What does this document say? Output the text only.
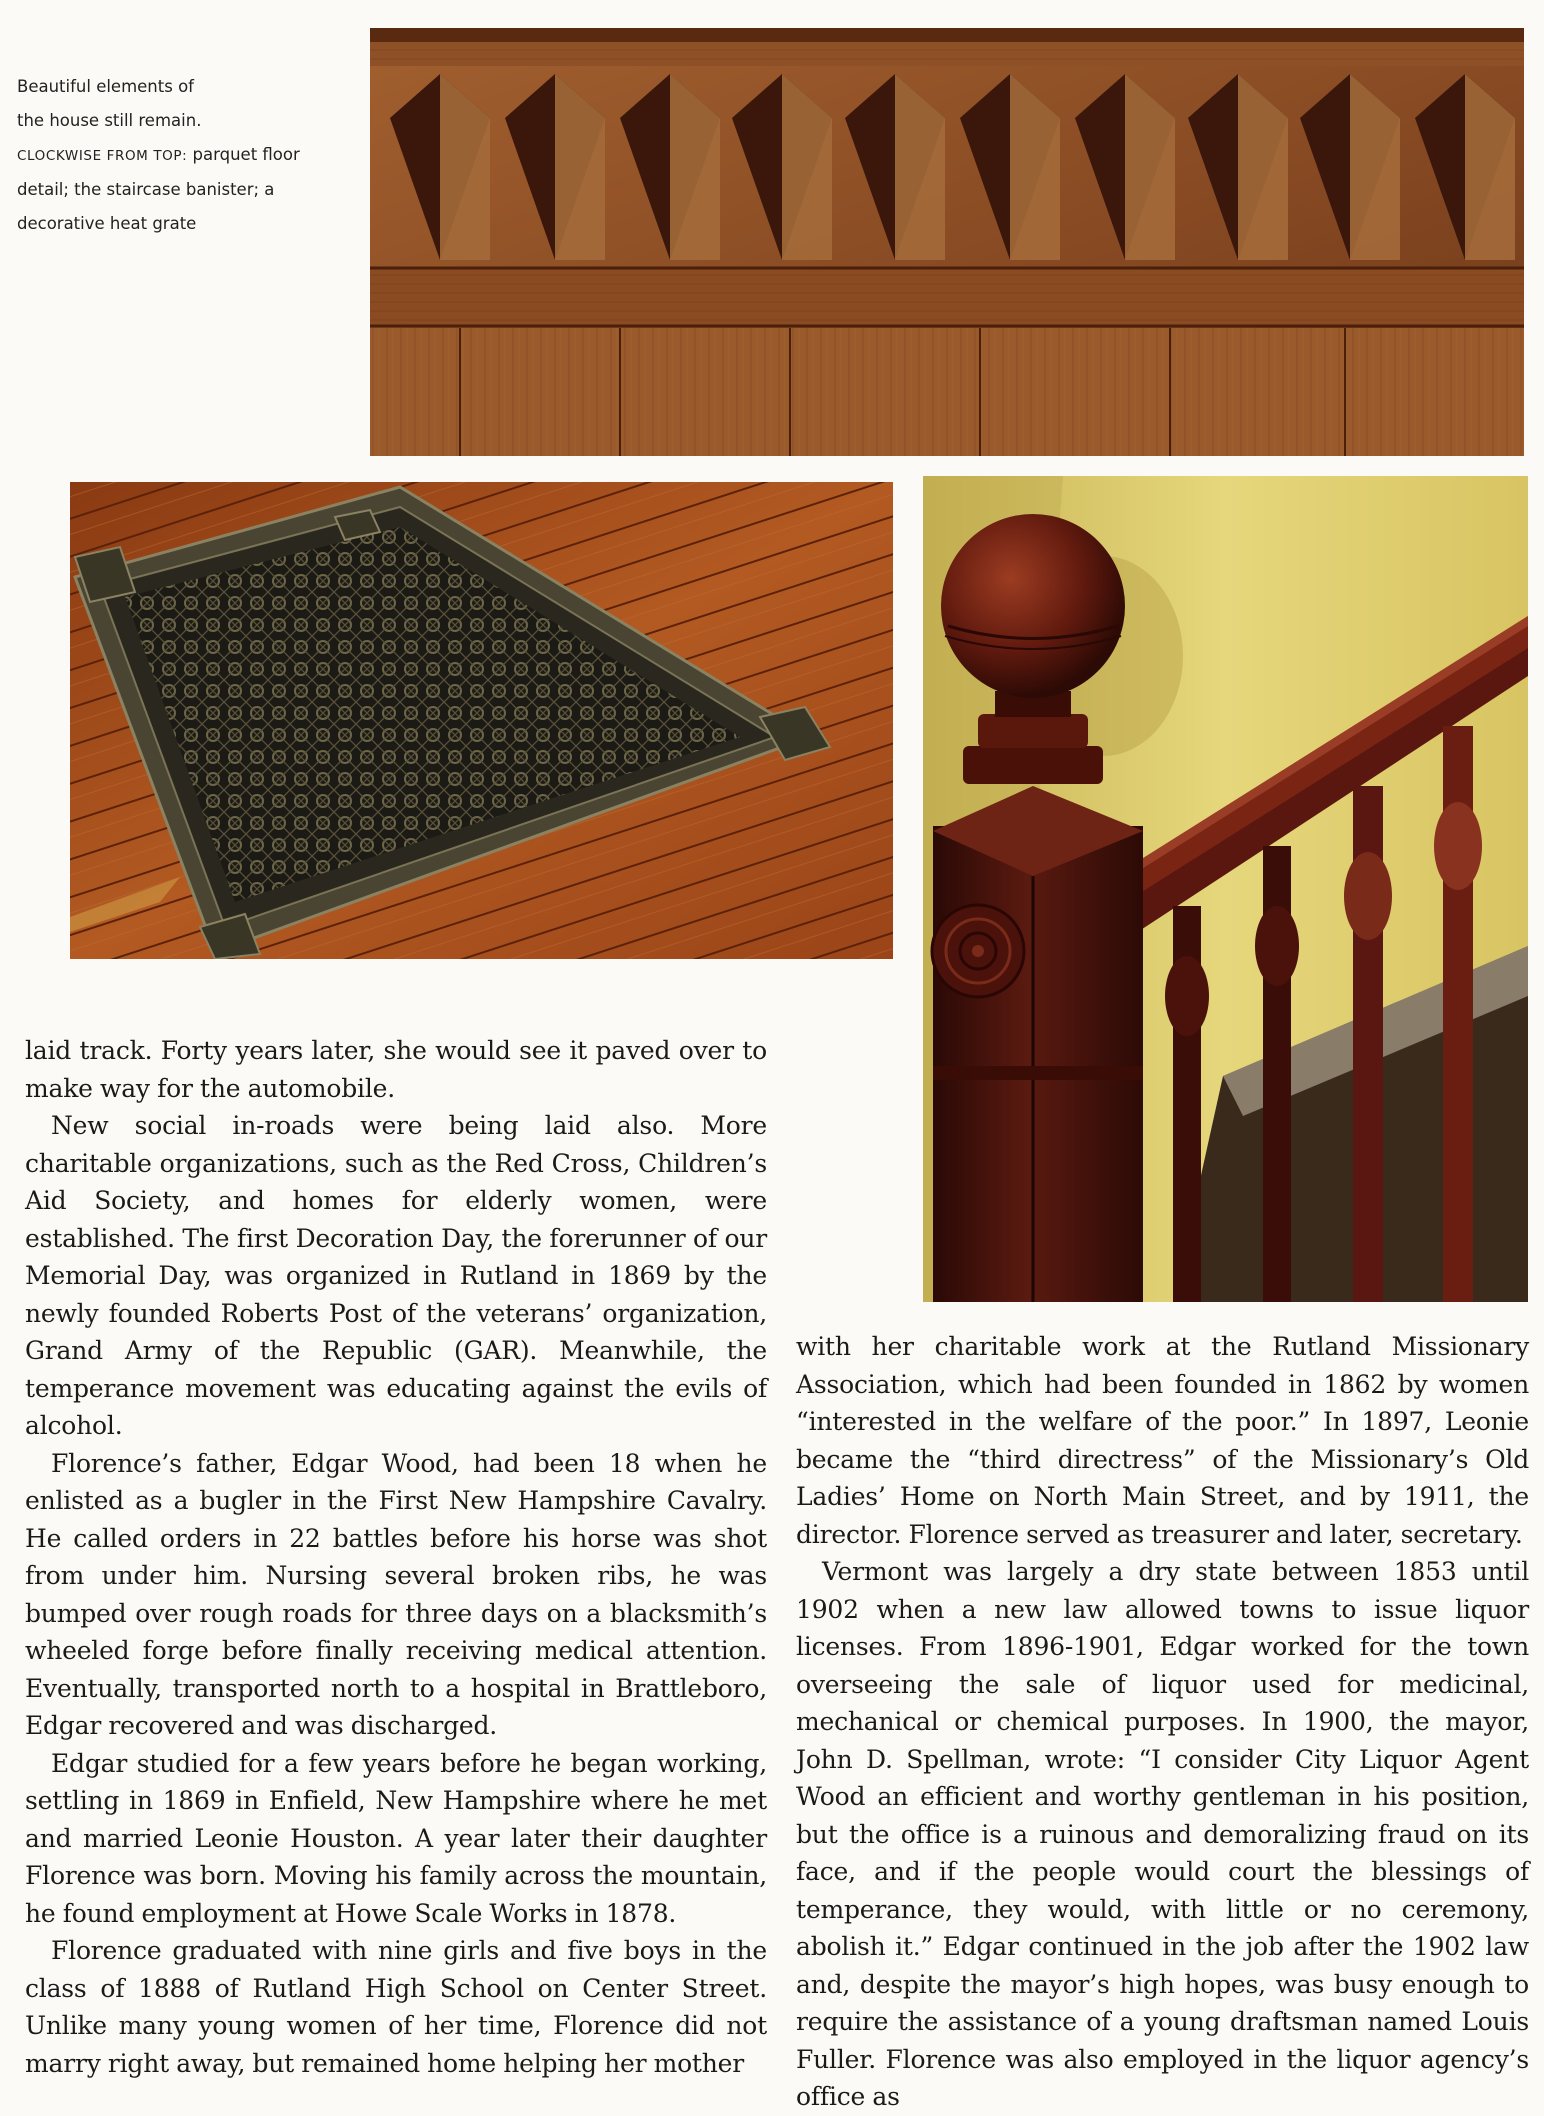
Beautiful elements of
the house still remain.
CLOCKWISE FROM TOP: parquet floor
detail; the staircase banister; a
decorative heat grate

laid track. Forty years later, she would see it paved over to make way for the automobile.

New social in-roads were being laid also. More charitable organizations, such as the Red Cross, Children’s Aid Society, and homes for elderly women, were established. The first Decoration Day, the forerunner of our Memorial Day, was organized in Rutland in 1869 by the newly founded Roberts Post of the veterans’ organization, Grand Army of the Republic (GAR). Meanwhile, the temperance movement was educating against the evils of alcohol.

Florence’s father, Edgar Wood, had been 18 when he enlisted as a bugler in the First New Hampshire Cavalry. He called orders in 22 battles before his horse was shot from under him. Nursing several broken ribs, he was bumped over rough roads for three days on a blacksmith’s wheeled forge before finally receiving medical attention. Eventually, transported north to a hospital in Brattleboro, Edgar recovered and was discharged.

Edgar studied for a few years before he began working, settling in 1869 in Enfield, New Hampshire where he met and married Leonie Houston. A year later their daughter Florence was born. Moving his family across the mountain, he found employment at Howe Scale Works in 1878.

Florence graduated with nine girls and five boys in the class of 1888 of Rutland High School on Center Street. Unlike many young women of her time, Florence did not marry right away, but remained home helping her mother

with her charitable work at the Rutland Missionary Association, which had been founded in 1862 by women “interested in the welfare of the poor.” In 1897, Leonie became the “third directress” of the Missionary’s Old Ladies’ Home on North Main Street, and by 1911, the director. Florence served as treasurer and later, secretary.

Vermont was largely a dry state between 1853 until 1902 when a new law allowed towns to issue liquor licenses. From 1896-1901, Edgar worked for the town overseeing the sale of liquor used for medicinal, mechanical or chemical purposes. In 1900, the mayor, John D. Spellman, wrote: “I consider City Liquor Agent Wood an efficient and worthy gentleman in his position, but the office is a ruinous and demoralizing fraud on its face, and if the people would court the blessings of temperance, they would, with little or no ceremony, abolish it.” Edgar continued in the job after the 1902 law and, despite the mayor’s high hopes, was busy enough to require the assistance of a young draftsman named Louis Fuller. Florence was also employed in the liquor agency’s office as
